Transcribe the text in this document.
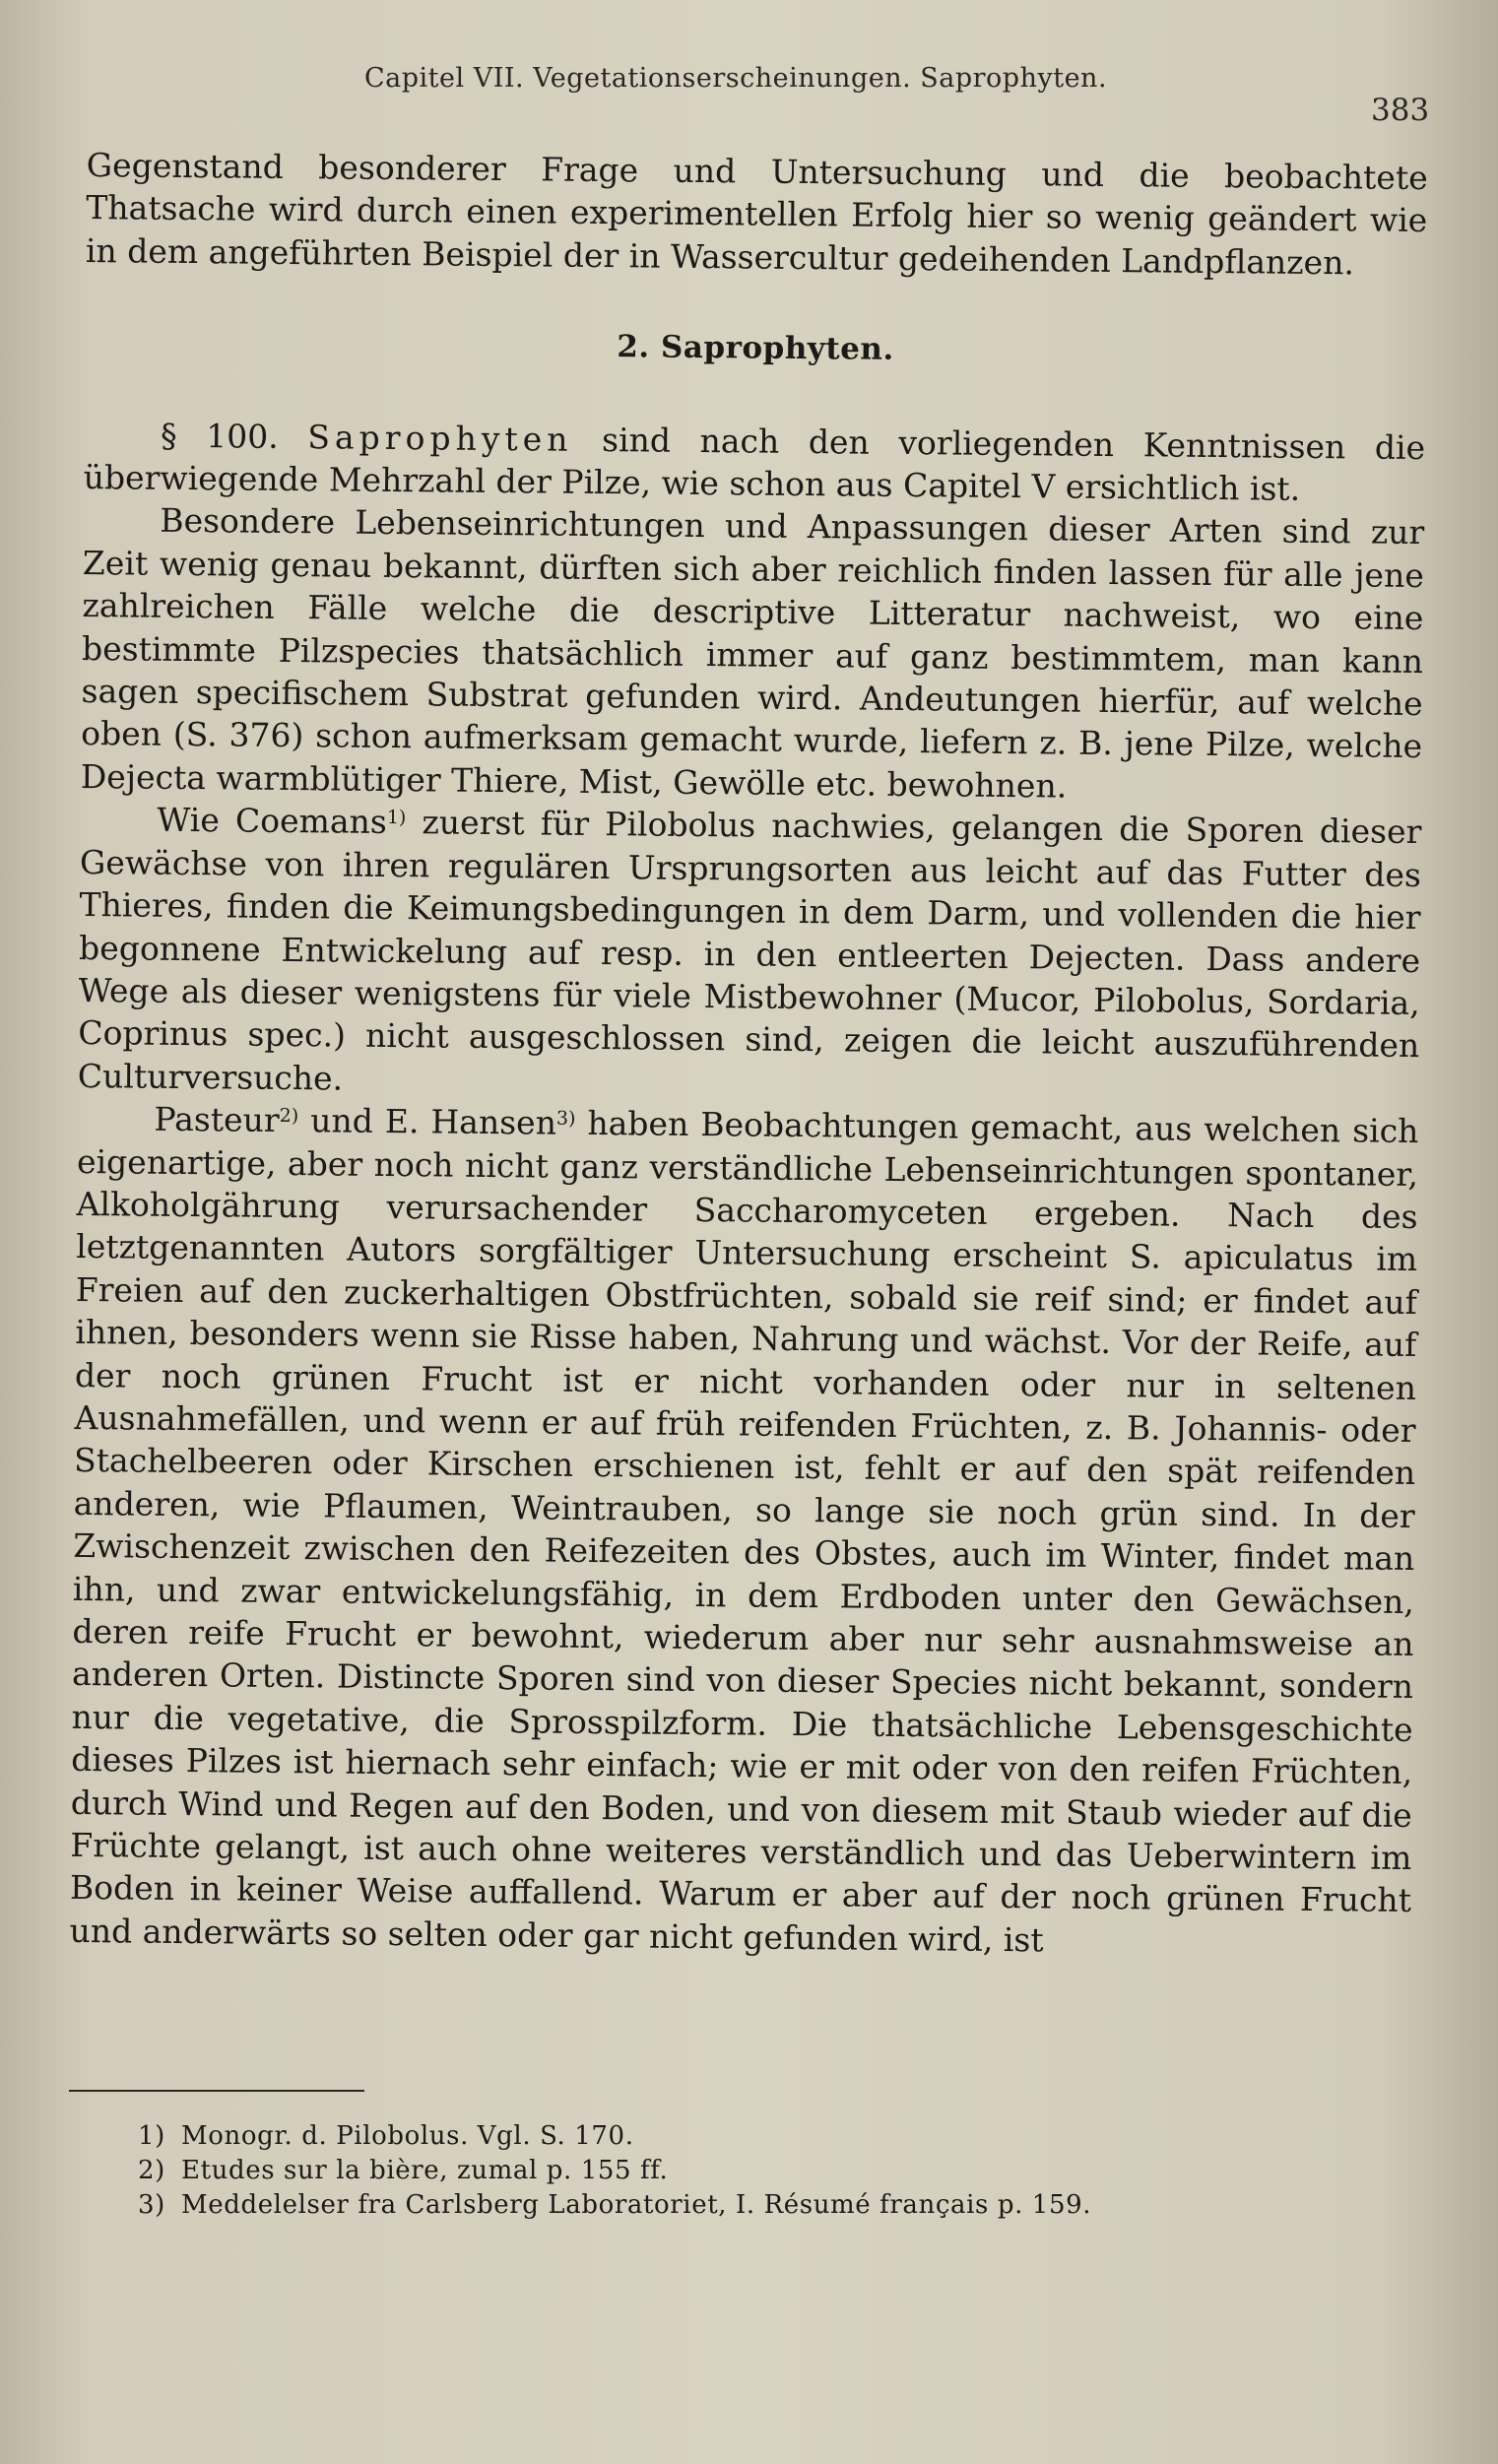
Capitel VII. Vegetationserscheinungen. Saprophyten.
383

Gegenstand besonderer Frage und Untersuchung und die beobachtete Thatsache wird durch einen experimentellen Erfolg hier so wenig geändert wie in dem angeführten Beispiel der in Wassercultur gedeihenden Landpflanzen.

2. Saprophyten.

§ 100. Saprophyten sind nach den vorliegenden Kenntnissen die überwiegende Mehrzahl der Pilze, wie schon aus Capitel V ersichtlich ist.

Besondere Lebenseinrichtungen und Anpassungen dieser Arten sind zur Zeit wenig genau bekannt, dürften sich aber reichlich finden lassen für alle jene zahlreichen Fälle welche die descriptive Litteratur nachweist, wo eine bestimmte Pilzspecies thatsächlich immer auf ganz bestimmtem, man kann sagen specifischem Substrat gefunden wird. Andeutungen hierfür, auf welche oben (S. 376) schon aufmerksam gemacht wurde, liefern z. B. jene Pilze, welche Dejecta warmblütiger Thiere, Mist, Gewölle etc. bewohnen.

Wie Coemans$^{1)}$ zuerst für Pilobolus nachwies, gelangen die Sporen dieser Gewächse von ihren regulären Ursprungsorten aus leicht auf das Futter des Thieres, finden die Keimungsbedingungen in dem Darm, und vollenden die hier begonnene Entwickelung auf resp. in den entleerten Dejecten. Dass andere Wege als dieser wenigstens für viele Mistbewohner (Mucor, Pilobolus, Sordaria, Coprinus spec.) nicht ausgeschlossen sind, zeigen die leicht auszuführenden Culturversuche.

Pasteur$^{2)}$ und E. Hansen$^{3)}$ haben Beobachtungen gemacht, aus welchen sich eigenartige, aber noch nicht ganz verständliche Lebenseinrichtungen spontaner, Alkoholgährung verursachender Saccharomyceten ergeben. Nach des letztgenannten Autors sorgfältiger Untersuchung erscheint S. apiculatus im Freien auf den zuckerhaltigen Obstfrüchten, sobald sie reif sind; er findet auf ihnen, besonders wenn sie Risse haben, Nahrung und wächst. Vor der Reife, auf der noch grünen Frucht ist er nicht vorhanden oder nur in seltenen Ausnahmefällen, und wenn er auf früh reifenden Früchten, z. B. Johannis- oder Stachelbeeren oder Kirschen erschienen ist, fehlt er auf den spät reifenden anderen, wie Pflaumen, Weintrauben, so lange sie noch grün sind. In der Zwischenzeit zwischen den Reifezeiten des Obstes, auch im Winter, findet man ihn, und zwar entwickelungsfähig, in dem Erdboden unter den Gewächsen, deren reife Frucht er bewohnt, wiederum aber nur sehr ausnahmsweise an anderen Orten. Distincte Sporen sind von dieser Species nicht bekannt, sondern nur die vegetative, die Sprosspilzform. Die thatsächliche Lebensgeschichte dieses Pilzes ist hiernach sehr einfach; wie er mit oder von den reifen Früchten, durch Wind und Regen auf den Boden, und von diesem mit Staub wieder auf die Früchte gelangt, ist auch ohne weiteres verständlich und das Ueberwintern im Boden in keiner Weise auffallend. Warum er aber auf der noch grünen Frucht und anderwärts so selten oder gar nicht gefunden wird, ist

1) Monogr. d. Pilobolus. Vgl. S. 170.
2) Etudes sur la bière, zumal p. 155 ff.
3) Meddelelser fra Carlsberg Laboratoriet, I. Résumé français p. 159.
